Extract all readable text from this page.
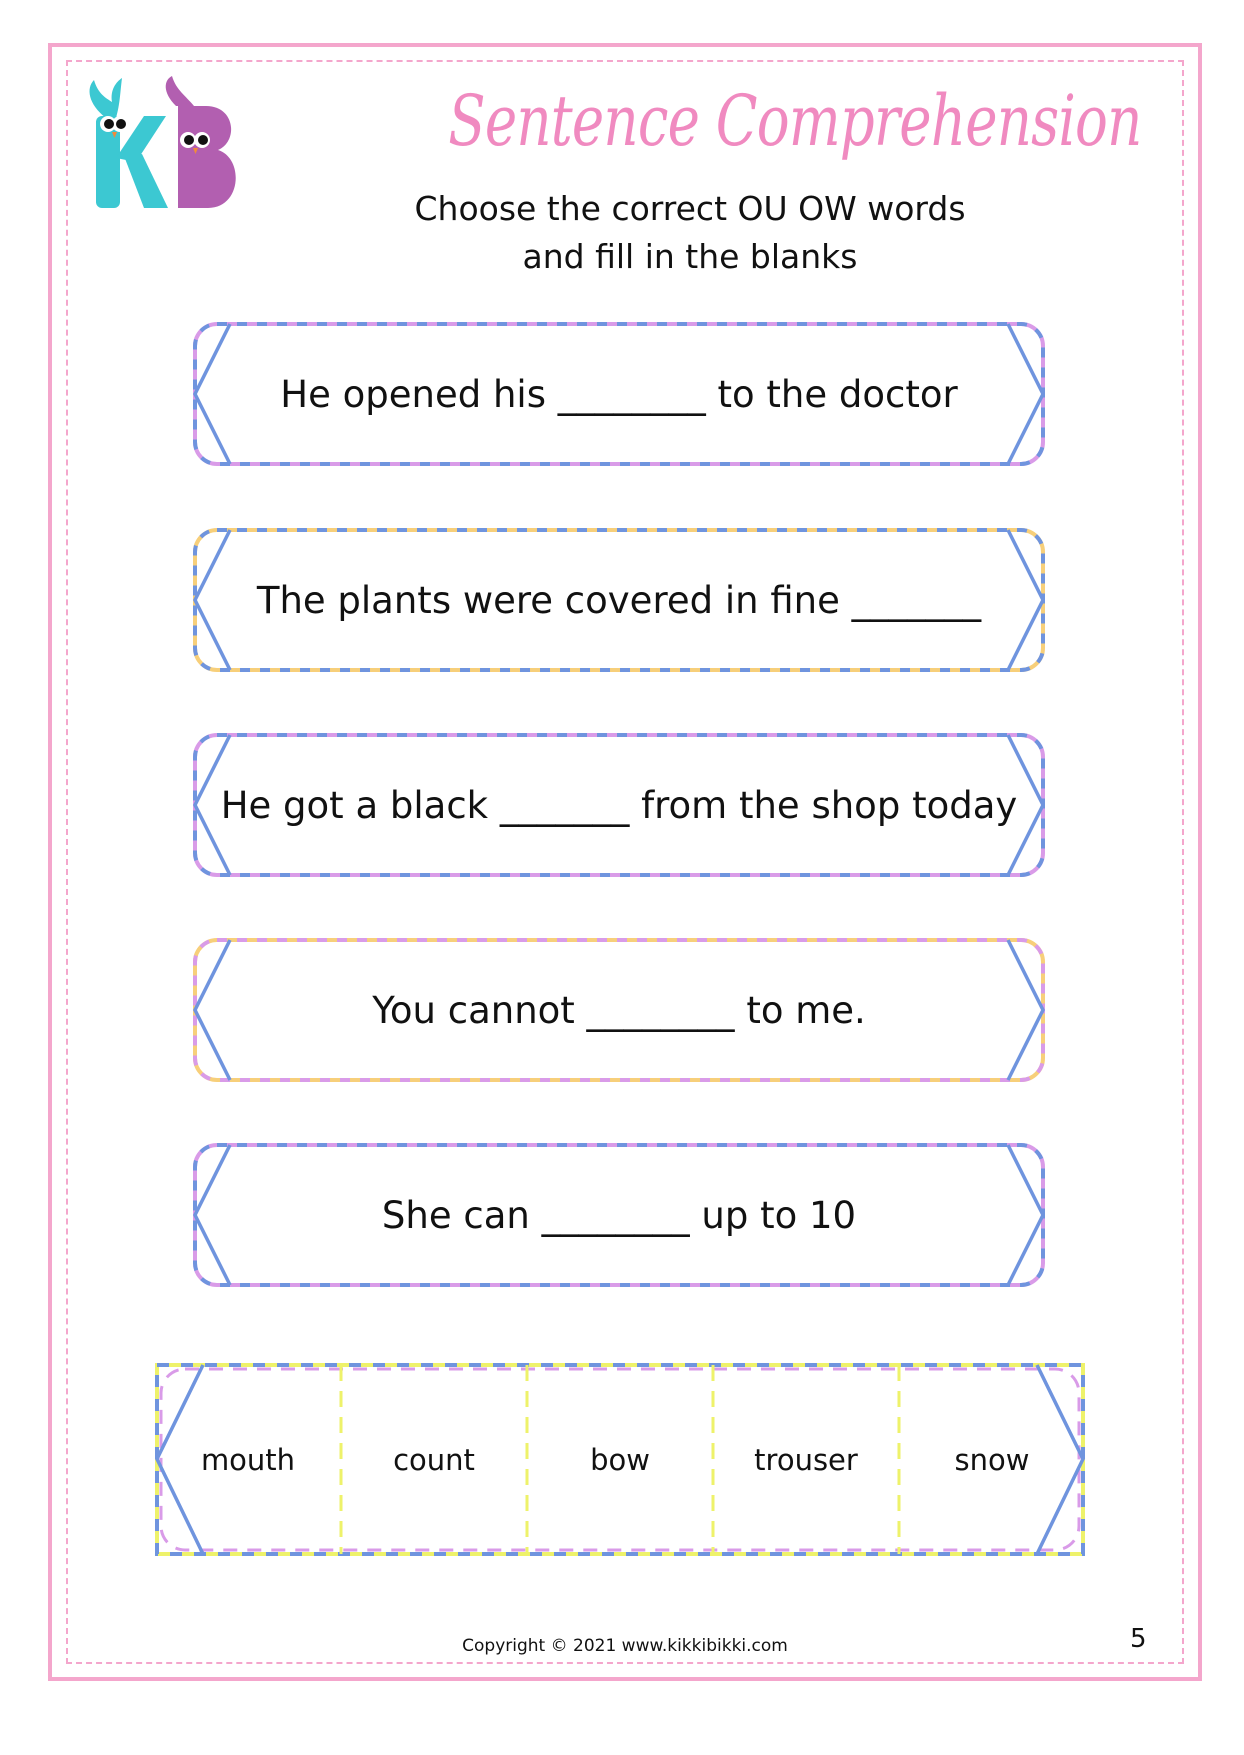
Sentence Comprehension
Choose the correct OU OW words
and fill in the blanks
He opened his ________ to the doctor
The plants were covered in fine _______
He got a black _______ from the shop today
You cannot ________ to me.
She can ________ up to 10
mouth	count	bow	trouser	snow
Copyright © 2021 www.kikkibikki.com	5
